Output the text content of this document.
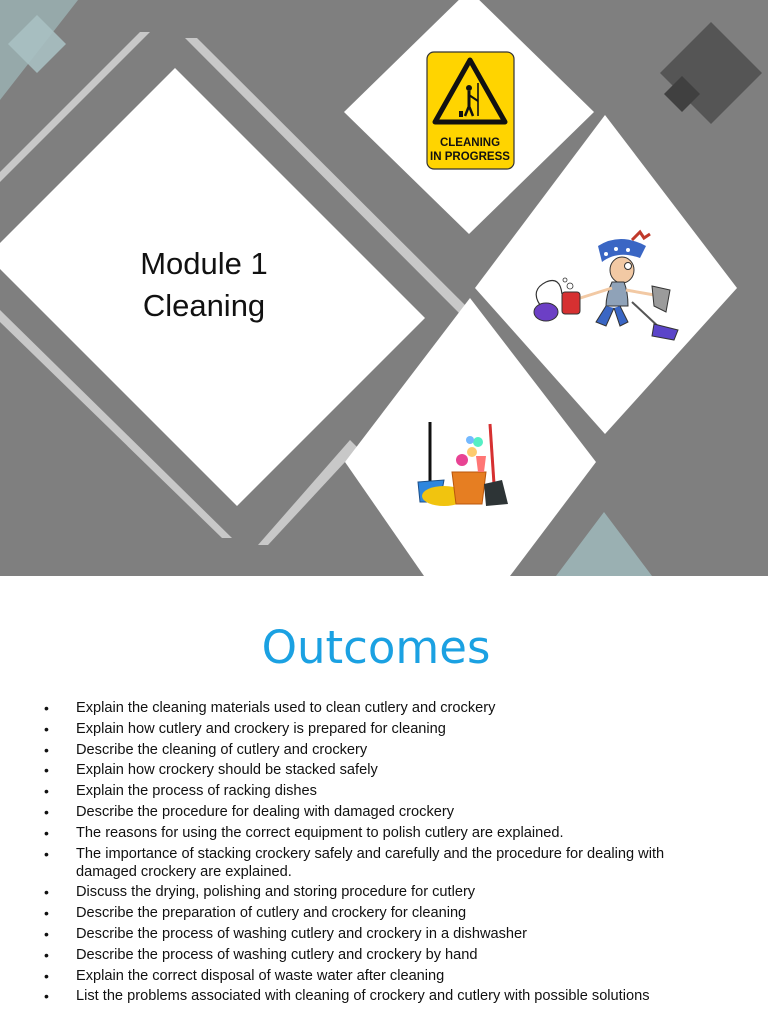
CLEANING
IN PROGRESS
Module 1
Cleaning
Outcomes
• Explain the cleaning materials used to clean cutlery and crockery
• Explain how cutlery and crockery is prepared for cleaning
• Describe the cleaning of cutlery and crockery
• Explain how crockery should be stacked safely
• Explain the process of racking dishes
• Describe the procedure for dealing with damaged crockery
• The reasons for using the correct equipment to polish cutlery are explained.
• The importance of stacking crockery safely and carefully and the procedure for dealing with damaged crockery are explained.
• Discuss the drying, polishing and storing procedure for cutlery
• Describe the preparation of cutlery and crockery for cleaning
• Describe the process of washing cutlery and crockery in a dishwasher
• Describe the process of washing cutlery and crockery by hand
• Explain the correct disposal of waste water after cleaning
• List the problems associated with cleaning of crockery and cutlery with possible solutions
